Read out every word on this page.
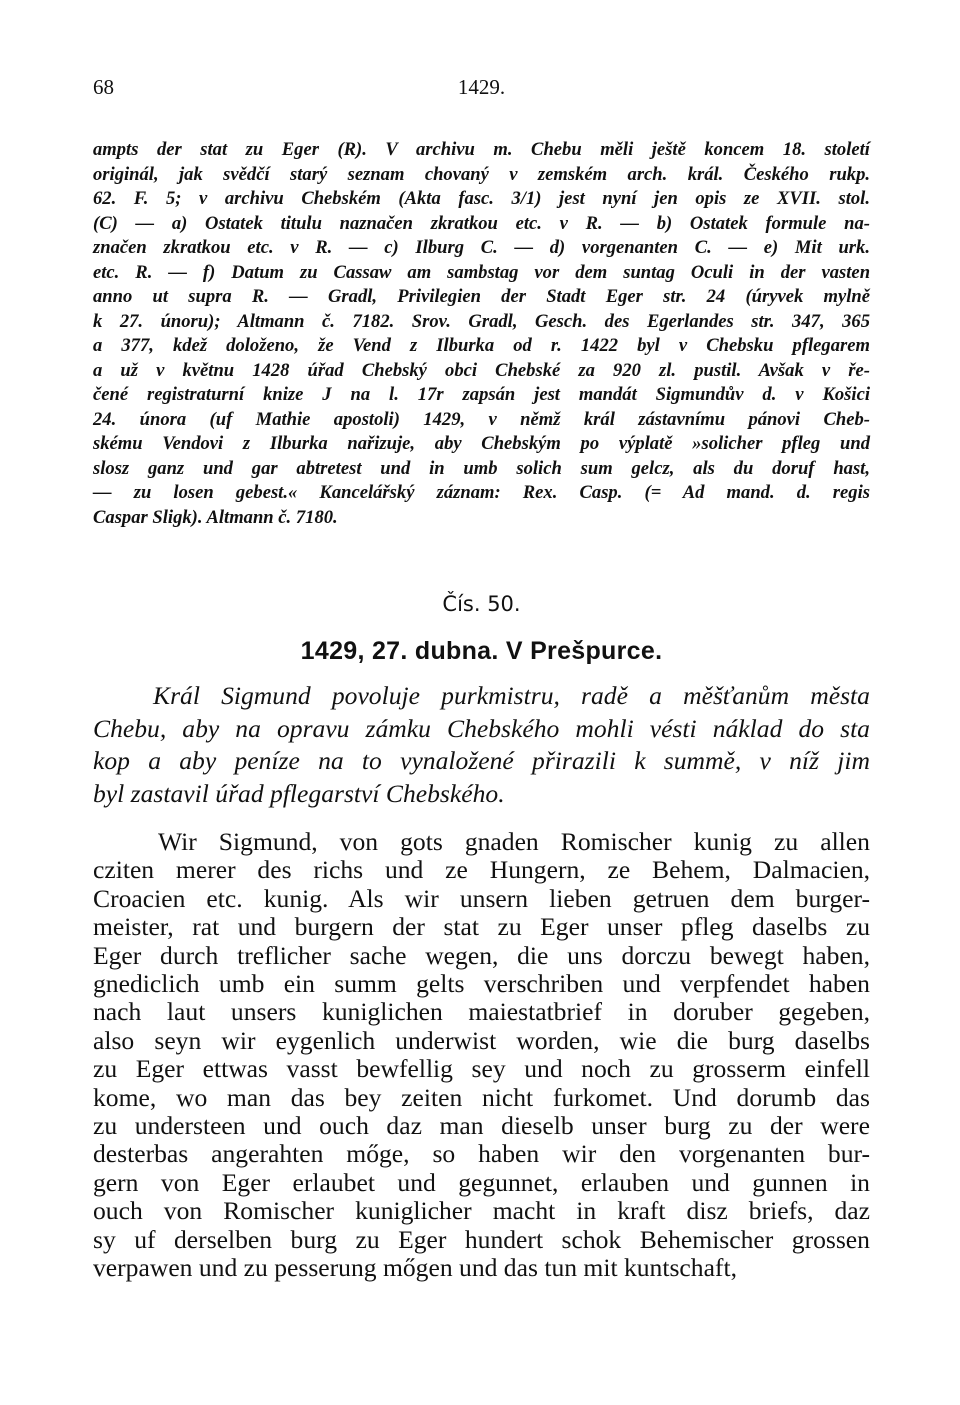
68	1429.
ampts der stat zu Eger (R). V archivu m. Chebu měli ještě koncem 18. století
originál, jak svědčí starý seznam chovaný v zemském arch. král. Českého rukp.
62. F. 5; v archivu Chebském (Akta fasc. 3/1) jest nyní jen opis ze XVII. stol.
(C) — a) Ostatek titulu naznačen zkratkou etc. v R. — b) Ostatek formule na-
značen zkratkou etc. v R. — c) Ilburg C. — d) vorgenanten C. — e) Mit urk.
etc. R. — f) Datum zu Cassaw am sambstag vor dem suntag Oculi in der vasten
anno ut supra R. — Gradl, Privilegien der Stadt Eger str. 24 (úryvek mylně
k 27. únoru); Altmann č. 7182. Srov. Gradl, Gesch. des Egerlandes str. 347, 365
a 377, kdež doloženo, že Vend z Ilburka od r. 1422 byl v Chebsku pflegarem
a už v květnu 1428 úřad Chebský obci Chebské za 920 zl. pustil. Avšak v ře-
čené registraturní knize J na l. 17r zapsán jest mandát Sigmundův d. v Košici
24. února (uf Mathie apostoli) 1429, v němž král zástavnímu pánovi Cheb-
skému Vendovi z Ilburka nařizuje, aby Chebským po výplatě »solicher pfleg und
slosz ganz und gar abtretest und in umb solich sum gelcz, als du doruf hast,
— zu losen gebest.« Kancelářský záznam: Rex. Casp. (= Ad mand. d. regis
Caspar Sligk). Altmann č. 7180.
Čís. 50.
1429, 27. dubna. V Prešpurce.
Král Sigmund povoluje purkmistru, radě a měšťanům města
Chebu, aby na opravu zámku Chebského mohli vésti náklad do sta
kop a aby peníze na to vynaložené přirazili k summě, v níž jim
byl zastavil úřad pflegarství Chebského.
Wir Sigmund, von gots gnaden Romischer kunig zu allen
cziten merer des richs und ze Hungern, ze Behem, Dalmacien,
Croacien etc. kunig. Als wir unsern lieben getruen dem burger-
meister, rat und burgern der stat zu Eger unser pfleg daselbs zu
Eger durch treflicher sache wegen, die uns dorczu bewegt haben,
gnediclich umb ein summ gelts verschriben und verpfendet haben
nach laut unsers kuniglichen maiestatbrief in doruber gegeben,
also seyn wir eygenlich underwist worden, wie die burg daselbs
zu Eger ettwas vasst bewfellig sey und noch zu grosserm einfell
kome, wo man das bey zeiten nicht furkomet. Und dorumb das
zu understeen und ouch daz man dieselb unser burg zu der were
desterbas angerahten mőge, so haben wir den vorgenanten bur-
gern von Eger erlaubet und gegunnet, erlauben und gunnen in
ouch von Romischer kuniglicher macht in kraft disz briefs, daz
sy uf derselben burg zu Eger hundert schok Behemischer grossen
verpawen und zu pesserung mőgen und das tun mit kuntschaft,
